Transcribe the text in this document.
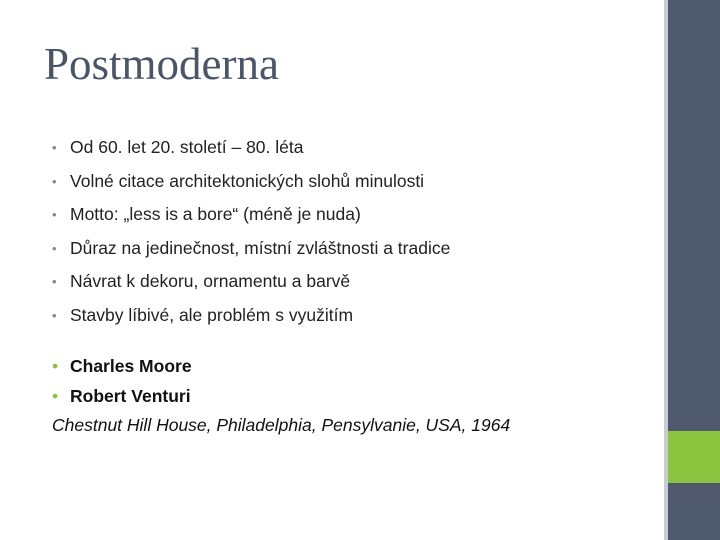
Postmoderna
• Od 60. let 20. století – 80. léta
• Volné citace architektonických slohů minulosti
• Motto: „less is a bore“ (méně je nuda)
• Důraz na jedinečnost, místní zvláštnosti a tradice
• Návrat k dekoru, ornamentu a barvě
• Stavby líbivé, ale problém s využitím
• Charles Moore
• Robert Venturi
Chestnut Hill House, Philadelphia, Pensylvanie, USA, 1964
